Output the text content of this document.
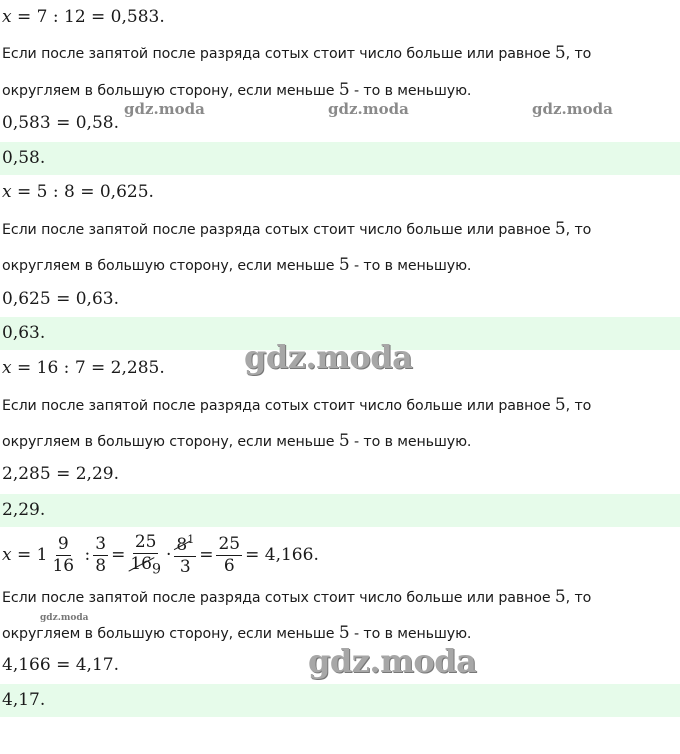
x = 7 : 12 = 0,583.
Если после запятой после разряда сотых стоит число больше или равное 5, то
округляем в большую сторону, если меньше 5 - то в меньшую.
0,583 = 0,58.
0,58.
x = 5 : 8 = 0,625.
Если после запятой после разряда сотых стоит число больше или равное 5, то
округляем в большую сторону, если меньше 5 - то в меньшую.
0,625 = 0,63.
0,63.
x = 16 : 7 = 2,285.
Если после запятой после разряда сотых стоит число больше или равное 5, то
округляем в большую сторону, если меньше 5 - то в меньшую.
2,285 = 2,29.
2,29.
$x = 1 \frac{9}{16}$
: $\frac{3}{8} = \frac{25}{16_9} \cdot \frac{8^1}{3} = \frac{25}{6} = 4,166$.
Если после запятой после разряда сотых стоит число больше или равное 5, то
округляем в большую сторону, если меньше 5 - то в меньшую.
4,166 = 4,17.
4,17.
gdz.moda	gdz.moda	gdz.moda
gdz.moda
gdz.moda
gdz.moda
